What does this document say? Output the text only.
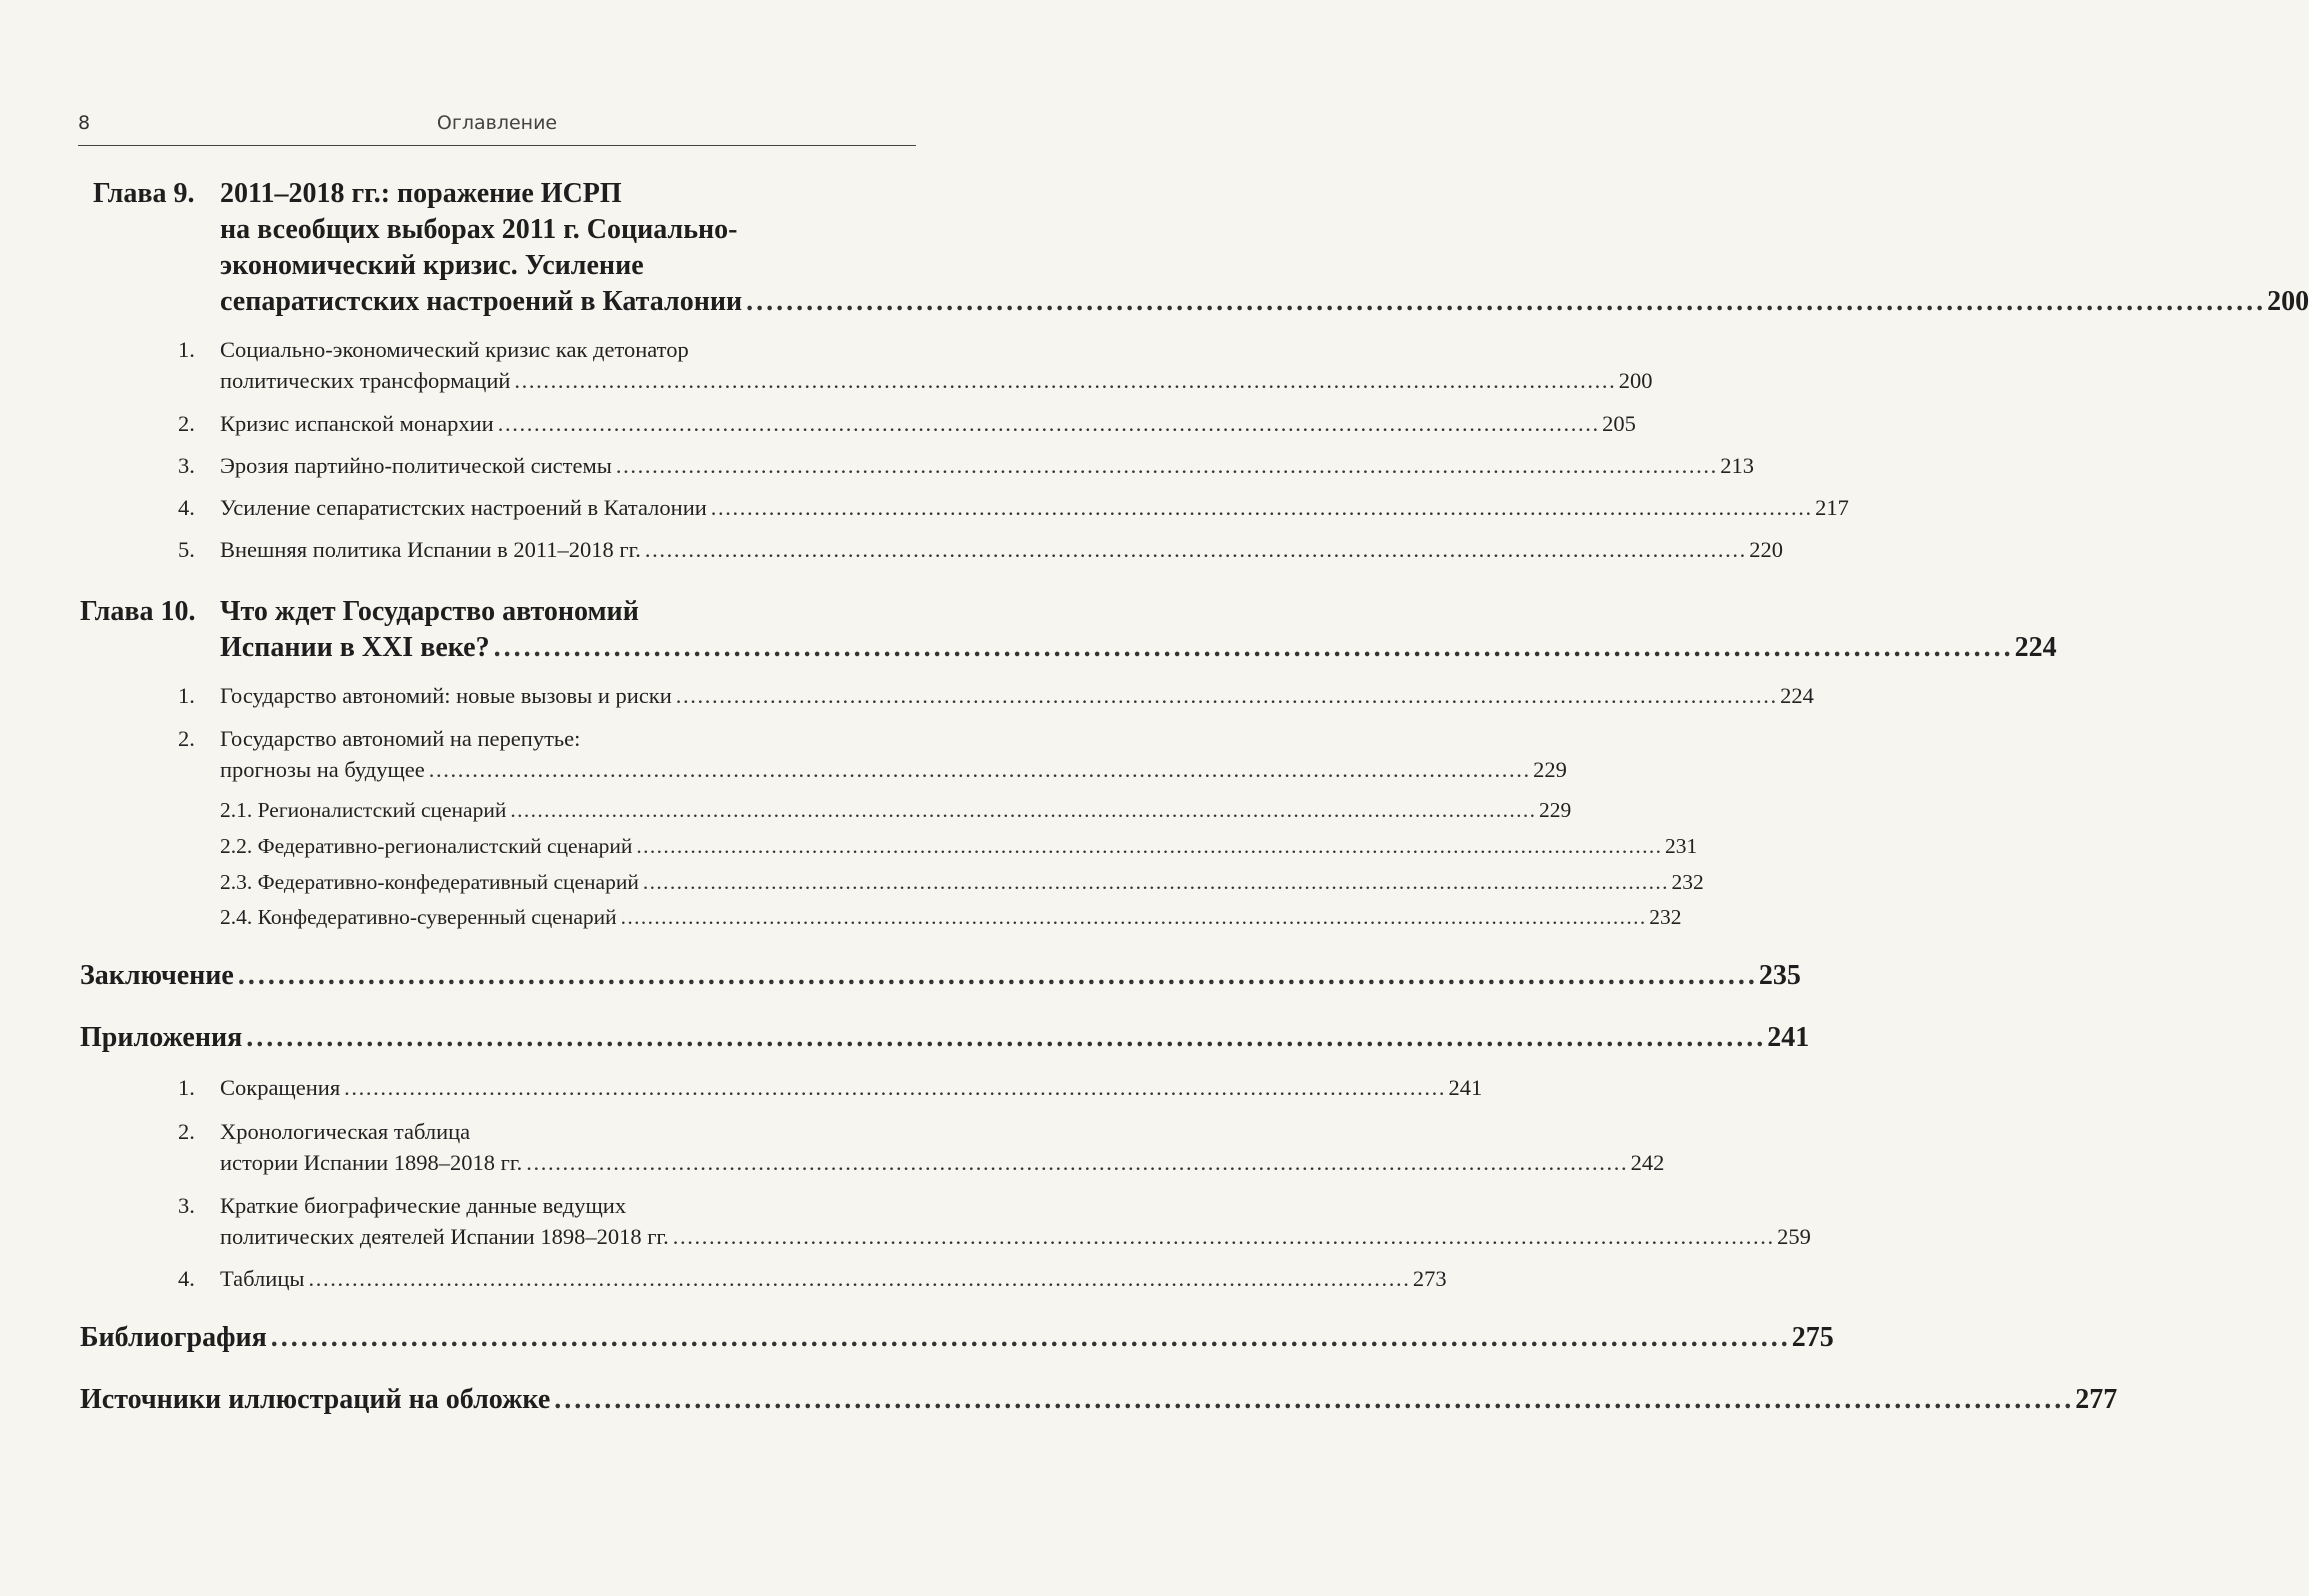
8	Оглавление
Глава 9. 2011–2018 гг.: поражение ИСРП
на всеобщих выборах 2011 г. Социально-
экономический кризис. Усиление
сепаратистских настроений в Каталонии . . .	200
1. Социально-экономический кризис как детонатор
политических трансформаций . . .	200
2. Кризис испанской монархии . . .	205
3. Эрозия партийно-политической системы . . .	213
4. Усиление сепаратистских настроений в Каталонии . . .	217
5. Внешняя политика Испании в 2011–2018 гг. . . .	220
Глава 10. Что ждет Государство автономий
Испании в XXI веке? . . .	224
1. Государство автономий: новые вызовы и риски . . .	224
2. Государство автономий на перепутье:
прогнозы на будущее . . .	229
2.1. Регионалистский сценарий . . .	229
2.2. Федеративно-регионалистский сценарий . . .	231
2.3. Федеративно-конфедеративный сценарий . . .	232
2.4. Конфедеративно-суверенный сценарий . . .	232
Заключение . . .	235
Приложения . . .	241
1. Сокращения . . .	241
2. Хронологическая таблица
истории Испании 1898–2018 гг. . . .	242
3. Краткие биографические данные ведущих
политических деятелей Испании 1898–2018 гг. . . .	259
4. Таблицы . . .	273
Библиография . . .	275
Источники иллюстраций на обложке . . .	277
